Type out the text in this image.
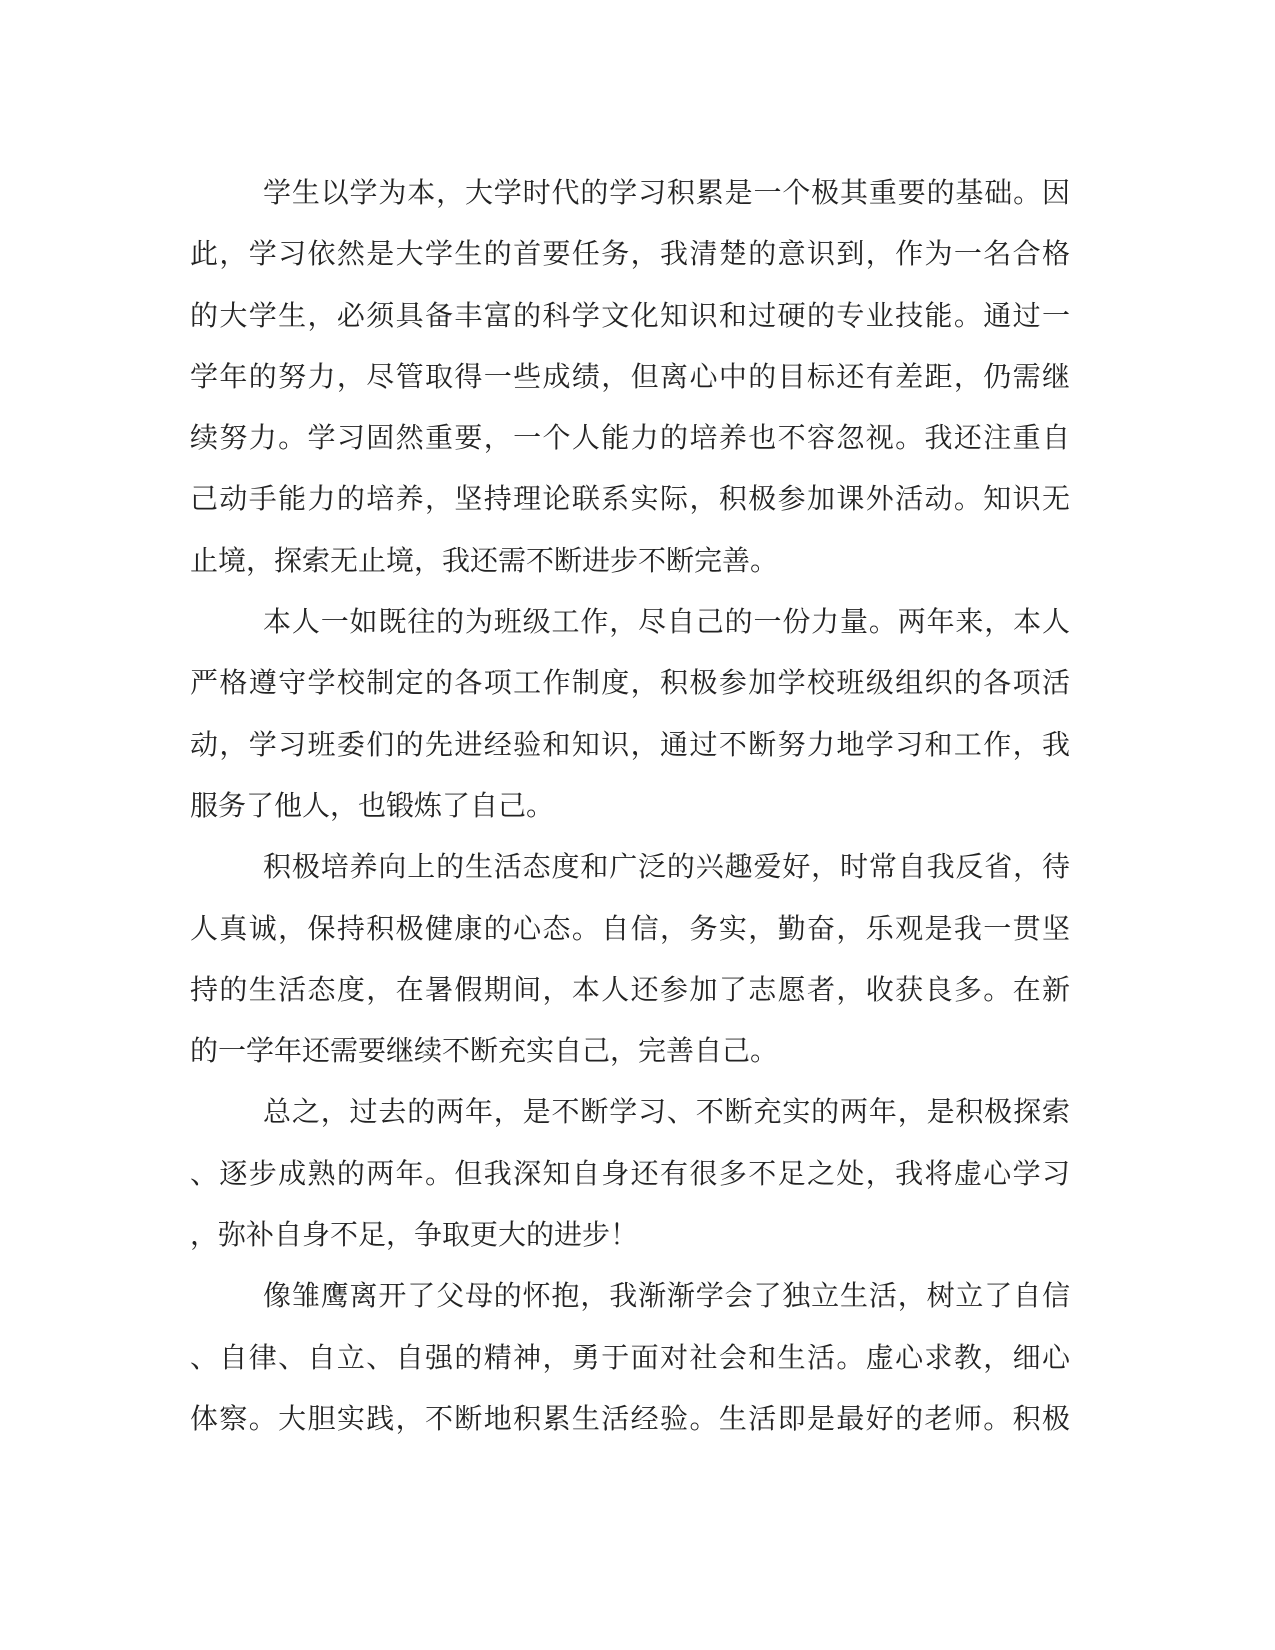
学生以学为本，大学时代的学习积累是一个极其重要的基础。因
此，学习依然是大学生的首要任务，我清楚的意识到，作为一名合格
的大学生，必须具备丰富的科学文化知识和过硬的专业技能。通过一
学年的努力，尽管取得一些成绩，但离心中的目标还有差距，仍需继
续努力。学习固然重要，一个人能力的培养也不容忽视。我还注重自
己动手能力的培养，坚持理论联系实际，积极参加课外活动。知识无
止境，探索无止境，我还需不断进步不断完善。
本人一如既往的为班级工作，尽自己的一份力量。两年来，本人
严格遵守学校制定的各项工作制度，积极参加学校班级组织的各项活
动，学习班委们的先进经验和知识，通过不断努力地学习和工作，我
服务了他人，也锻炼了自己。
积极培养向上的生活态度和广泛的兴趣爱好，时常自我反省，待
人真诚，保持积极健康的心态。自信，务实，勤奋，乐观是我一贯坚
持的生活态度，在暑假期间，本人还参加了志愿者，收获良多。在新
的一学年还需要继续不断充实自己，完善自己。
总之，过去的两年，是不断学习、不断充实的两年，是积极探索
、逐步成熟的两年。但我深知自身还有很多不足之处，我将虚心学习
，弥补自身不足，争取更大的进步！
像雏鹰离开了父母的怀抱，我渐渐学会了独立生活，树立了自信
、自律、自立、自强的精神，勇于面对社会和生活。虚心求教，细心
体察。大胆实践，不断地积累生活经验。生活即是最好的老师。积极
